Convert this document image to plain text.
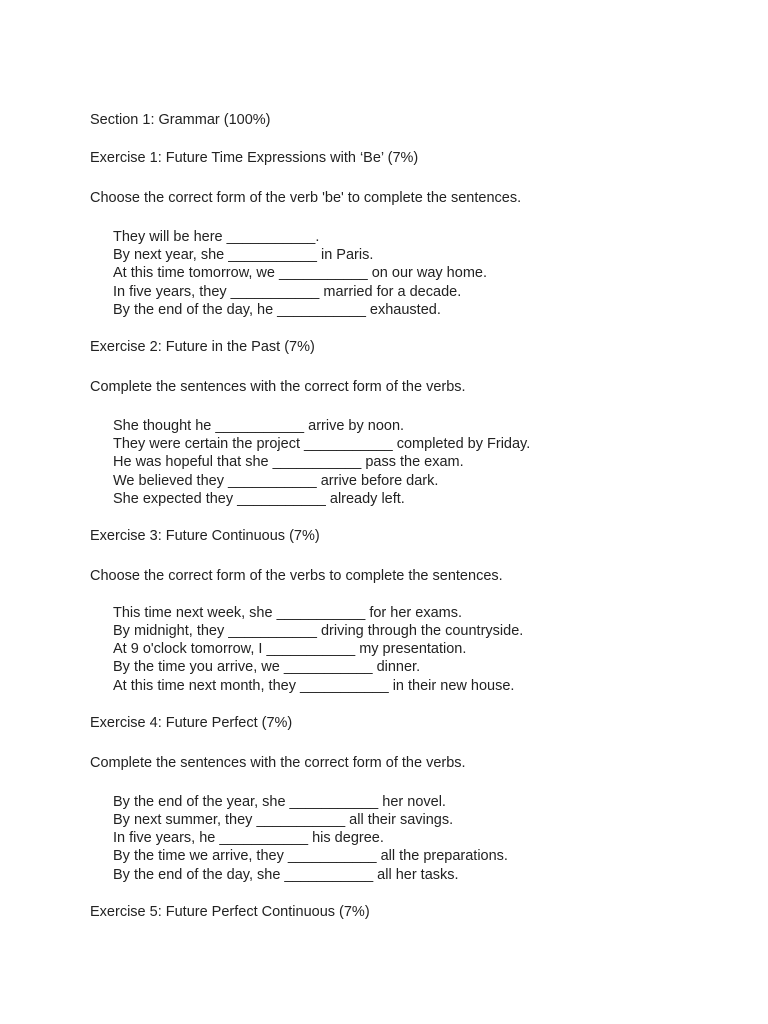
Section 1: Grammar (100%)
Exercise 1: Future Time Expressions with ‘Be’ (7%)
Choose the correct form of the verb 'be' to complete the sentences.
They will be here ___________.
By next year, she ___________ in Paris.
At this time tomorrow, we ___________ on our way home.
In five years, they ___________ married for a decade.
By the end of the day, he ___________ exhausted.
Exercise 2: Future in the Past (7%)
Complete the sentences with the correct form of the verbs.
She thought he ___________ arrive by noon.
They were certain the project ___________ completed by Friday.
He was hopeful that she ___________ pass the exam.
We believed they ___________ arrive before dark.
She expected they ___________ already left.
Exercise 3: Future Continuous (7%)
Choose the correct form of the verbs to complete the sentences.
This time next week, she ___________ for her exams.
By midnight, they ___________ driving through the countryside.
At 9 o'clock tomorrow, I ___________ my presentation.
By the time you arrive, we ___________ dinner.
At this time next month, they ___________ in their new house.
Exercise 4: Future Perfect (7%)
Complete the sentences with the correct form of the verbs.
By the end of the year, she ___________ her novel.
By next summer, they ___________ all their savings.
In five years, he ___________ his degree.
By the time we arrive, they ___________ all the preparations.
By the end of the day, she ___________ all her tasks.
Exercise 5: Future Perfect Continuous (7%)
